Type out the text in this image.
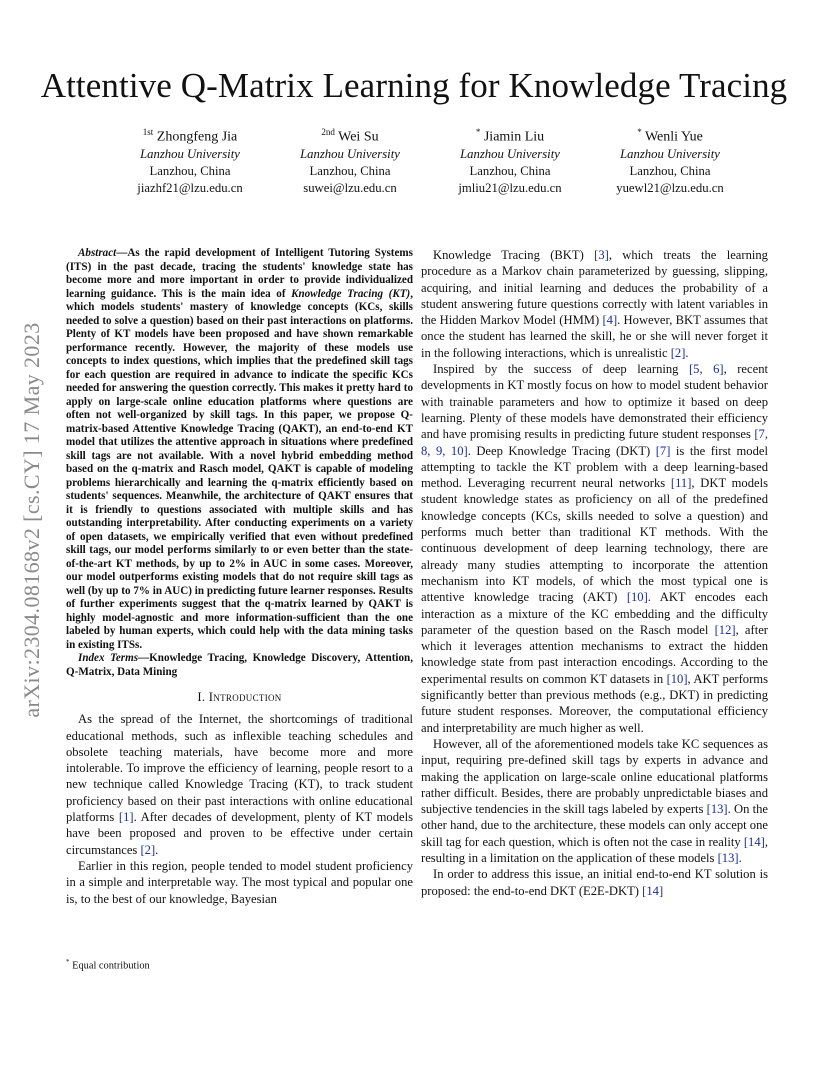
arXiv:2304.08168v2 [cs.CY] 17 May 2023
Attentive Q-Matrix Learning for Knowledge Tracing
$^{1st}$ Zhongfeng Jia
Lanzhou University
Lanzhou, China
jiazhf21@lzu.edu.cn
$^{2nd}$ Wei Su
Lanzhou University
Lanzhou, China
suwei@lzu.edu.cn
* Jiamin Liu
Lanzhou University
Lanzhou, China
jmliu21@lzu.edu.cn
* Wenli Yue
Lanzhou University
Lanzhou, China
yuewl21@lzu.edu.cn

Abstract—As the rapid development of Intelligent Tutoring Systems (ITS) in the past decade, tracing the students' knowledge state has become more and more important in order to provide individualized learning guidance. This is the main idea of Knowledge Tracing (KT), which models students' mastery of knowledge concepts (KCs, skills needed to solve a question) based on their past interactions on platforms. Plenty of KT models have been proposed and have shown remarkable performance recently. However, the majority of these models use concepts to index questions, which implies that the predefined skill tags for each question are required in advance to indicate the specific KCs needed for answering the question correctly. This makes it pretty hard to apply on large-scale online education platforms where questions are often not well-organized by skill tags. In this paper, we propose Q-matrix-based Attentive Knowledge Tracing (QAKT), an end-to-end KT model that utilizes the attentive approach in situations where predefined skill tags are not available. With a novel hybrid embedding method based on the q-matrix and Rasch model, QAKT is capable of modeling problems hierarchically and learning the q-matrix efficiently based on students' sequences. Meanwhile, the architecture of QAKT ensures that it is friendly to questions associated with multiple skills and has outstanding interpretability. After conducting experiments on a variety of open datasets, we empirically verified that even without predefined skill tags, our model performs similarly to or even better than the state-of-the-art KT methods, by up to 2% in AUC in some cases. Moreover, our model outperforms existing models that do not require skill tags as well (by up to 7% in AUC) in predicting future learner responses. Results of further experiments suggest that the q-matrix learned by QAKT is highly model-agnostic and more information-sufficient than the one labeled by human experts, which could help with the data mining tasks in existing ITSs.

Index Terms—Knowledge Tracing, Knowledge Discovery, Attention, Q-Matrix, Data Mining

I. Introduction

As the spread of the Internet, the shortcomings of traditional educational methods, such as inflexible teaching schedules and obsolete teaching materials, have become more and more intolerable. To improve the efficiency of learning, people resort to a new technique called Knowledge Tracing (KT), to track student proficiency based on their past interactions with online educational platforms [1]. After decades of development, plenty of KT models have been proposed and proven to be effective under certain circumstances [2].

Earlier in this region, people tended to model student proficiency in a simple and interpretable way. The most typical and popular one is, to the best of our knowledge, Bayesian

* Equal contribution

Knowledge Tracing (BKT) [3], which treats the learning procedure as a Markov chain parameterized by guessing, slipping, acquiring, and initial learning and deduces the probability of a student answering future questions correctly with latent variables in the Hidden Markov Model (HMM) [4]. However, BKT assumes that once the student has learned the skill, he or she will never forget it in the following interactions, which is unrealistic [2].

Inspired by the success of deep learning [5, 6], recent developments in KT mostly focus on how to model student behavior with trainable parameters and how to optimize it based on deep learning. Plenty of these models have demonstrated their efficiency and have promising results in predicting future student responses [7, 8, 9, 10]. Deep Knowledge Tracing (DKT) [7] is the first model attempting to tackle the KT problem with a deep learning-based method. Leveraging recurrent neural networks [11], DKT models student knowledge states as proficiency on all of the predefined knowledge concepts (KCs, skills needed to solve a question) and performs much better than traditional KT methods. With the continuous development of deep learning technology, there are already many studies attempting to incorporate the attention mechanism into KT models, of which the most typical one is attentive knowledge tracing (AKT) [10]. AKT encodes each interaction as a mixture of the KC embedding and the difficulty parameter of the question based on the Rasch model [12], after which it leverages attention mechanisms to extract the hidden knowledge state from past interaction encodings. According to the experimental results on common KT datasets in [10], AKT performs significantly better than previous methods (e.g., DKT) in predicting future student responses. Moreover, the computational efficiency and interpretability are much higher as well.

However, all of the aforementioned models take KC sequences as input, requiring pre-defined skill tags by experts in advance and making the application on large-scale online educational platforms rather difficult. Besides, there are probably unpredictable biases and subjective tendencies in the skill tags labeled by experts [13]. On the other hand, due to the architecture, these models can only accept one skill tag for each question, which is often not the case in reality [14], resulting in a limitation on the application of these models [13].

In order to address this issue, an initial end-to-end KT solution is proposed: the end-to-end DKT (E2E-DKT) [14]
